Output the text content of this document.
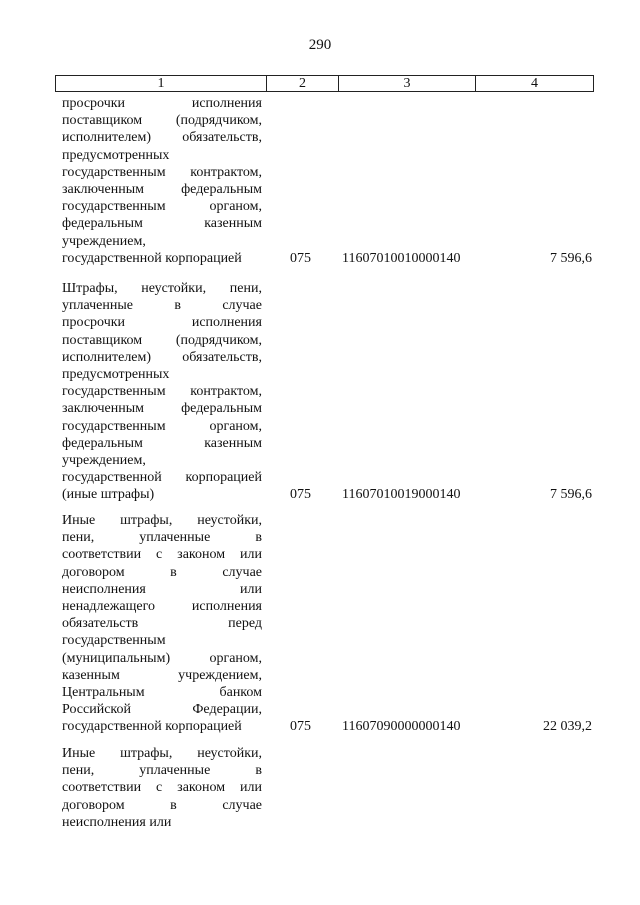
290
1	2	3	4
просрочки исполнения
поставщиком (подрядчиком,
исполнителем) обязательств,
предусмотренных
государственным контрактом,
заключенным федеральным
государственным органом,
федеральным казенным
учреждением,
государственной корпорацией	075 11607010010000140	7 596,6
Штрафы, неустойки, пени,
уплаченные в случае
просрочки исполнения
поставщиком (подрядчиком,
исполнителем) обязательств,
предусмотренных
государственным контрактом,
заключенным федеральным
государственным органом,
федеральным казенным
учреждением,
государственной корпорацией
(иные штрафы)	075 11607010019000140	7 596,6
Иные штрафы, неустойки,
пени, уплаченные в
соответствии с законом или
договором в случае
неисполнения или
ненадлежащего исполнения
обязательств перед
государственным
(муниципальным) органом,
казенным учреждением,
Центральным банком
Российской Федерации,
государственной корпорацией	075 11607090000000140	22 039,2
Иные штрафы, неустойки,
пени, уплаченные в
соответствии с законом или
договором в случае
неисполнения или
